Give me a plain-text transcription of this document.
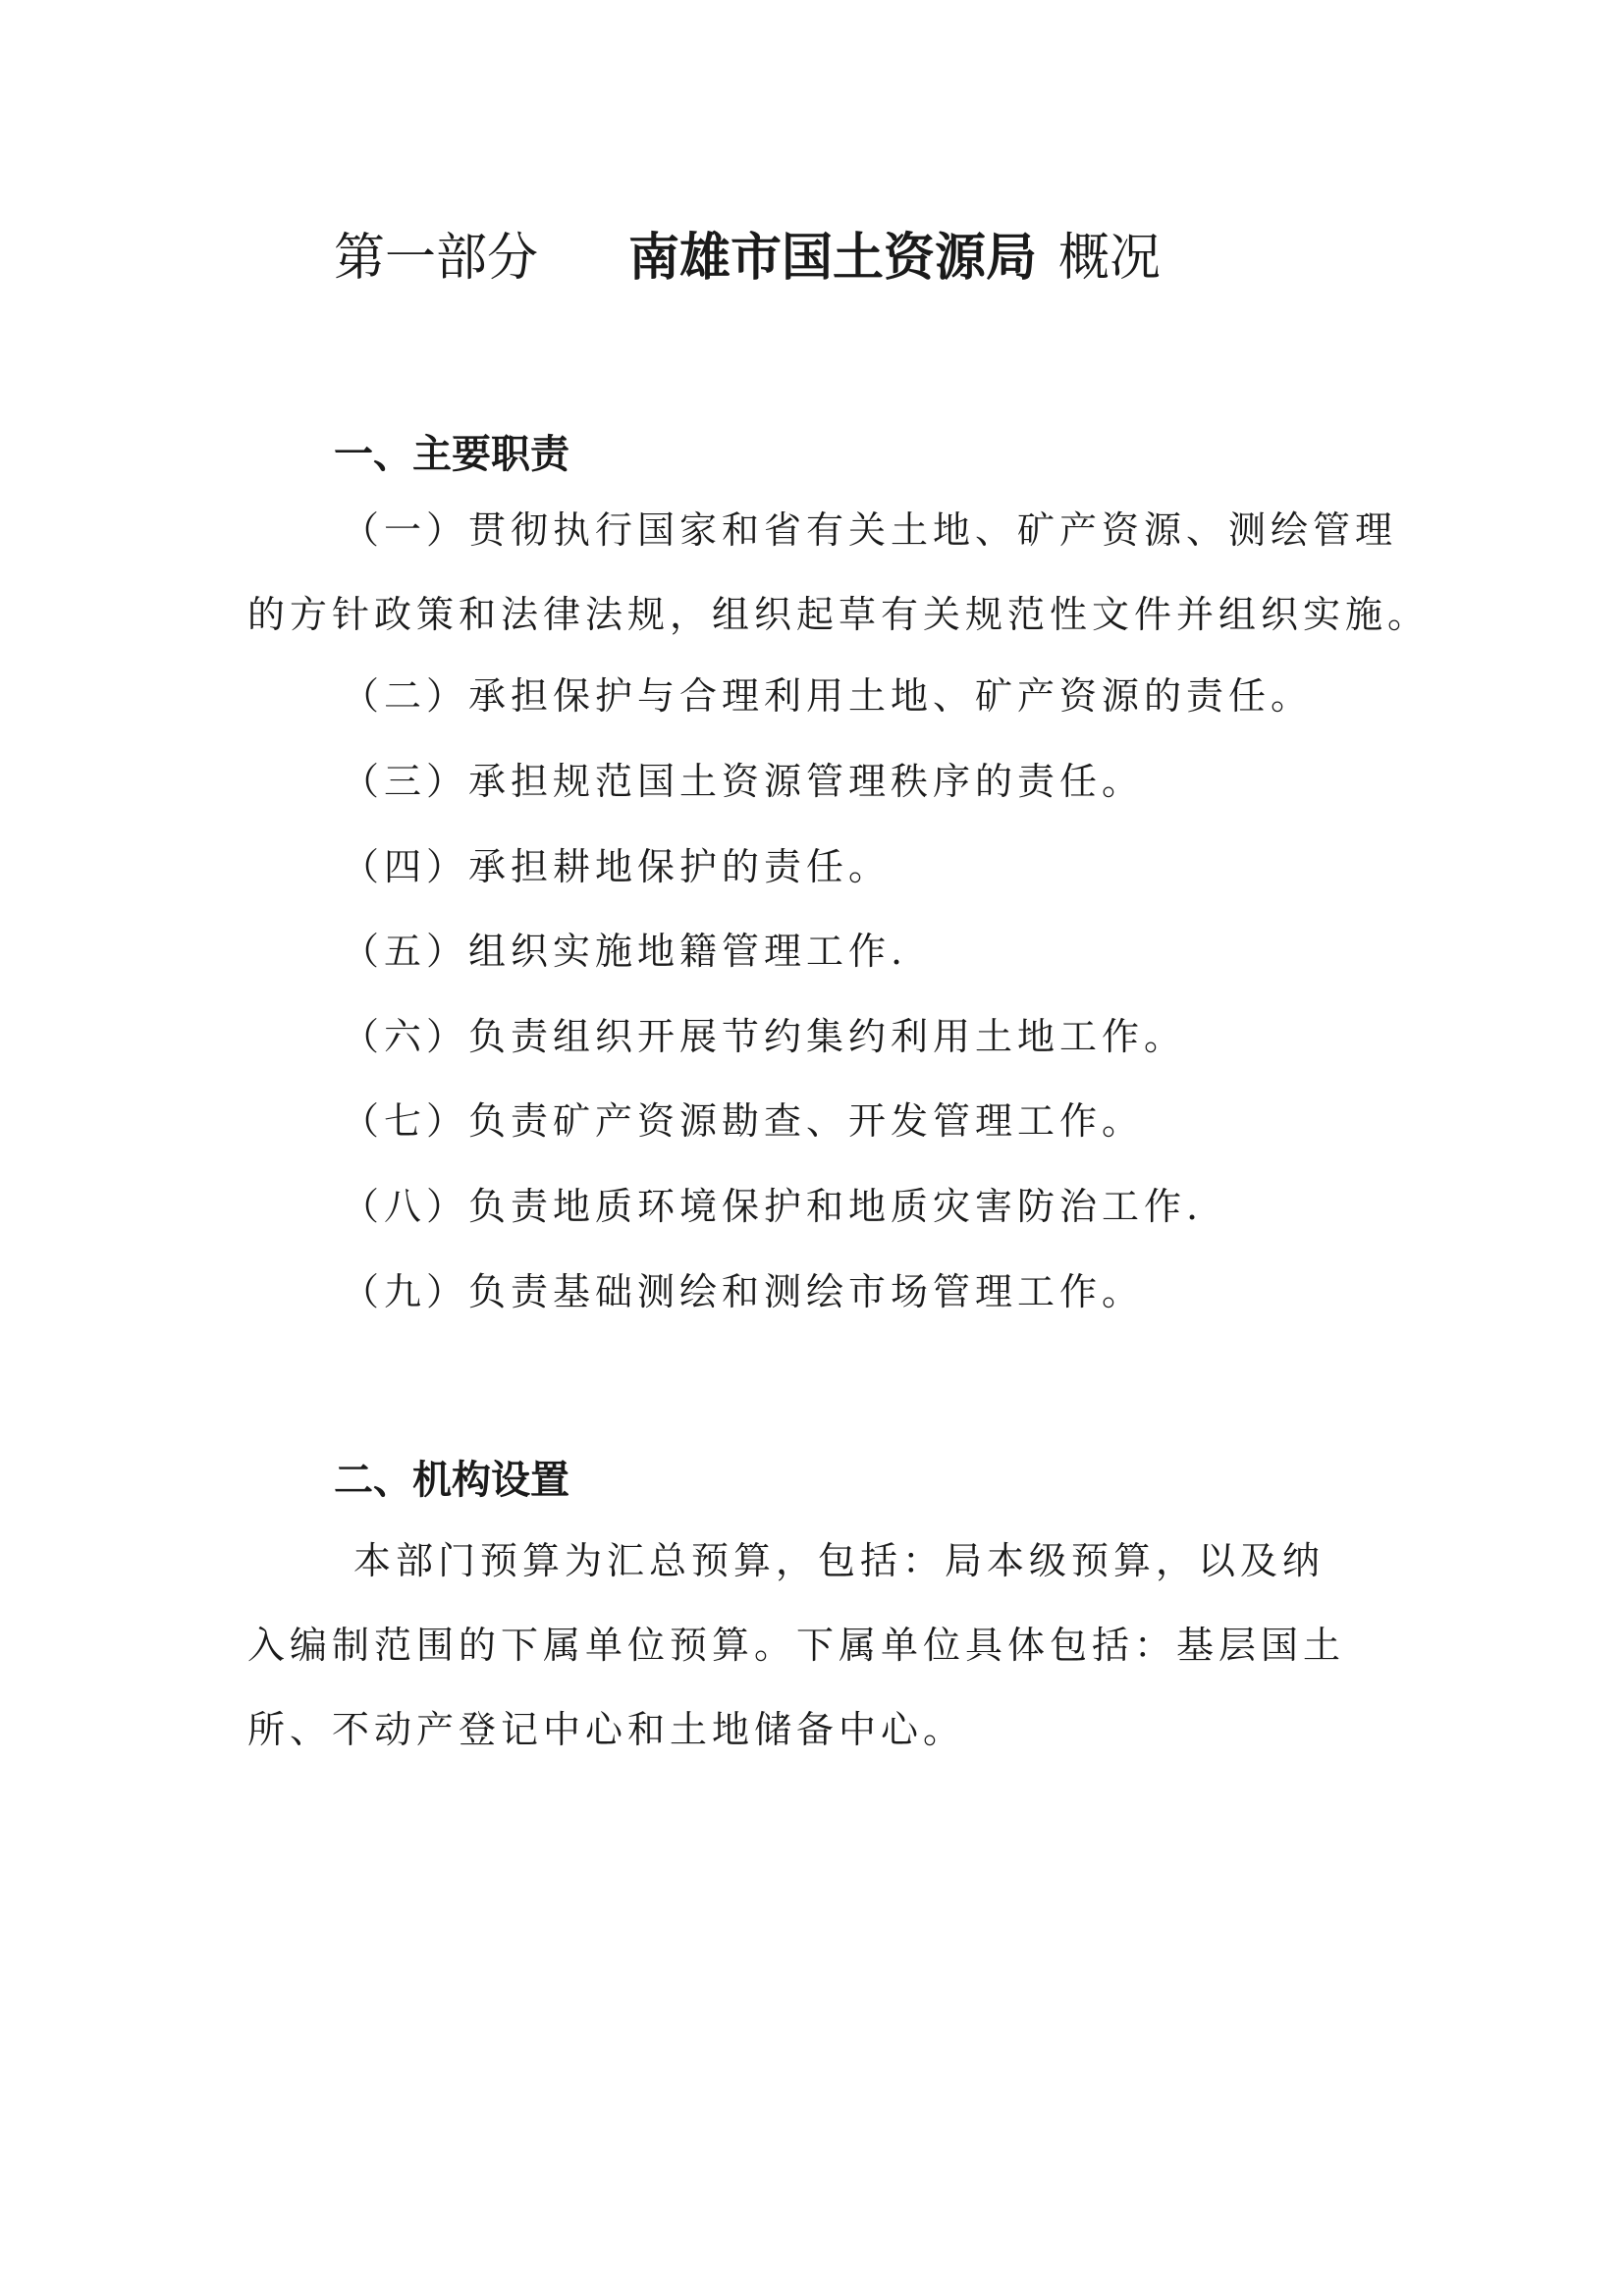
第一部分 南雄市国土资源局 概况
一、主要职责
（一）贯彻执行国家和省有关土地、矿产资源、测绘管理
的方针政策和法律法规，组织起草有关规范性文件并组织实施。
（二）承担保护与合理利用土地、矿产资源的责任。
（三）承担规范国土资源管理秩序的责任。
（四）承担耕地保护的责任。
（五）组织实施地籍管理工作.
（六）负责组织开展节约集约利用土地工作。
（七）负责矿产资源勘查、开发管理工作。
（八）负责地质环境保护和地质灾害防治工作.
（九）负责基础测绘和测绘市场管理工作。
二、机构设置
本部门预算为汇总预算，包括：局本级预算，以及纳
入编制范围的下属单位预算。下属单位具体包括：基层国土
所、不动产登记中心和土地储备中心。
